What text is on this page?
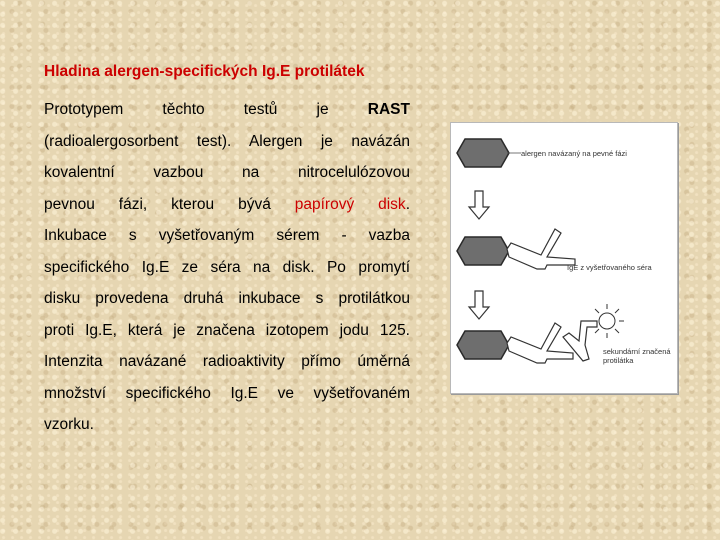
Hladina alergen-specifických Ig.E protilátek

Prototypem těchto testů je	RAST
(radioalergosorbent test). Alergen je navázán
kovalentní vazbou na nitrocelulózovou
pevnou fázi, kterou bývá papírový disk.
Inkubace s vyšetřovaným sérem - vazba
specifického Ig.E ze séra na disk. Po promytí
disku provedena druhá inkubace s protilátkou
proti Ig.E, která je značena izotopem jodu 125.
Intenzita navázané radioaktivity přímo úměrná
množství specifického Ig.E ve vyšetřovaném
vzorku.
alergen navázaný na pevné fázi
IgE z vyšetřovaného séra
sekundární značená
protilátka
